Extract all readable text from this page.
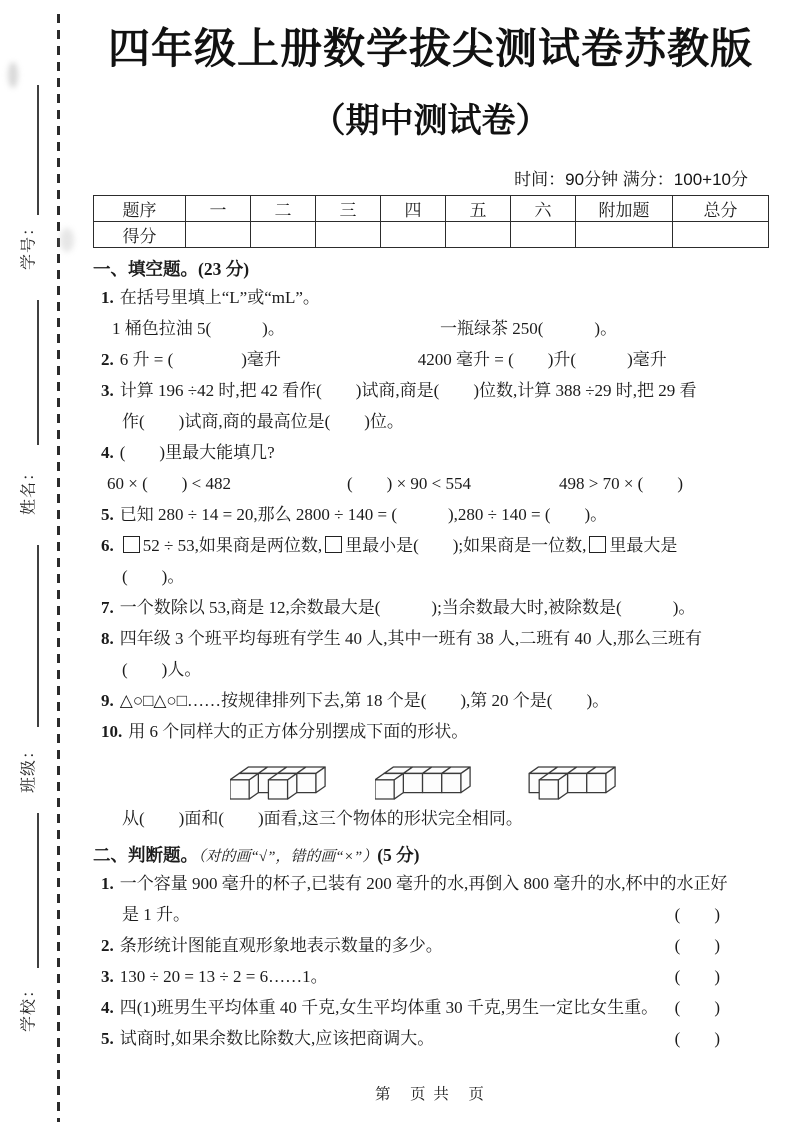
学号：
姓名：
班级：
学校：
四年级上册数学拔尖测试卷苏教版
（期中测试卷）
时间：90分钟 满分：100+10分
题序	一	二	三	四	五	六	附加题	总分
得分								
一、填空题。(23 分)
1. 在括号里填上“L”或“mL”。
1 桶色拉油 5(　　　)。	一瓶绿茶 250(　　　)。
2. 6 升 = (　　　　)毫升	4200 毫升 = (　　)升(　　　)毫升
3. 计算 196 ÷42 时,把 42 看作(　　)试商,商是(　　)位数,计算 388 ÷29 时,把 29 看
作(　　)试商,商的最高位是(　　)位。
4. (　　)里最大能填几?
60 × (　　) < 482	(　　) × 90 < 554	498 > 70 × (　　)
5. 已知 280 ÷ 14 = 20,那么 2800 ÷ 140 = (　　　),280 ÷ 140 = (　　)。
6. 52 ÷ 53,如果商是两位数, 里最小是(　　);如果商是一位数, 里最大是
(　　)。
7. 一个数除以 53,商是 12,余数最大是(　　　);当余数最大时,被除数是(　　　)。
8. 四年级 3 个班平均每班有学生 40 人,其中一班有 38 人,二班有 40 人,那么三班有
(　　)人。
9. △○□△○□……按规律排列下去,第 18 个是(　　),第 20 个是(　　)。
10. 用 6 个同样大的正方体分别摆成下面的形状。
从(　　)面和(　　)面看,这三个物体的形状完全相同。
二、判断题。（对的画“√”，错的画“×”）(5 分)
1. 一个容量 900 毫升的杯子,已装有 200 毫升的水,再倒入 800 毫升的水,杯中的水正好
是 1 升。	(　　)
2. 条形统计图能直观形象地表示数量的多少。	(　　)
3. 130 ÷ 20 = 13 ÷ 2 = 6……1。	(　　)
4. 四(1)班男生平均体重 40 千克,女生平均体重 30 千克,男生一定比女生重。 (　　)
5. 试商时,如果余数比除数大,应该把商调大。	(　　)
第　页 共　页
